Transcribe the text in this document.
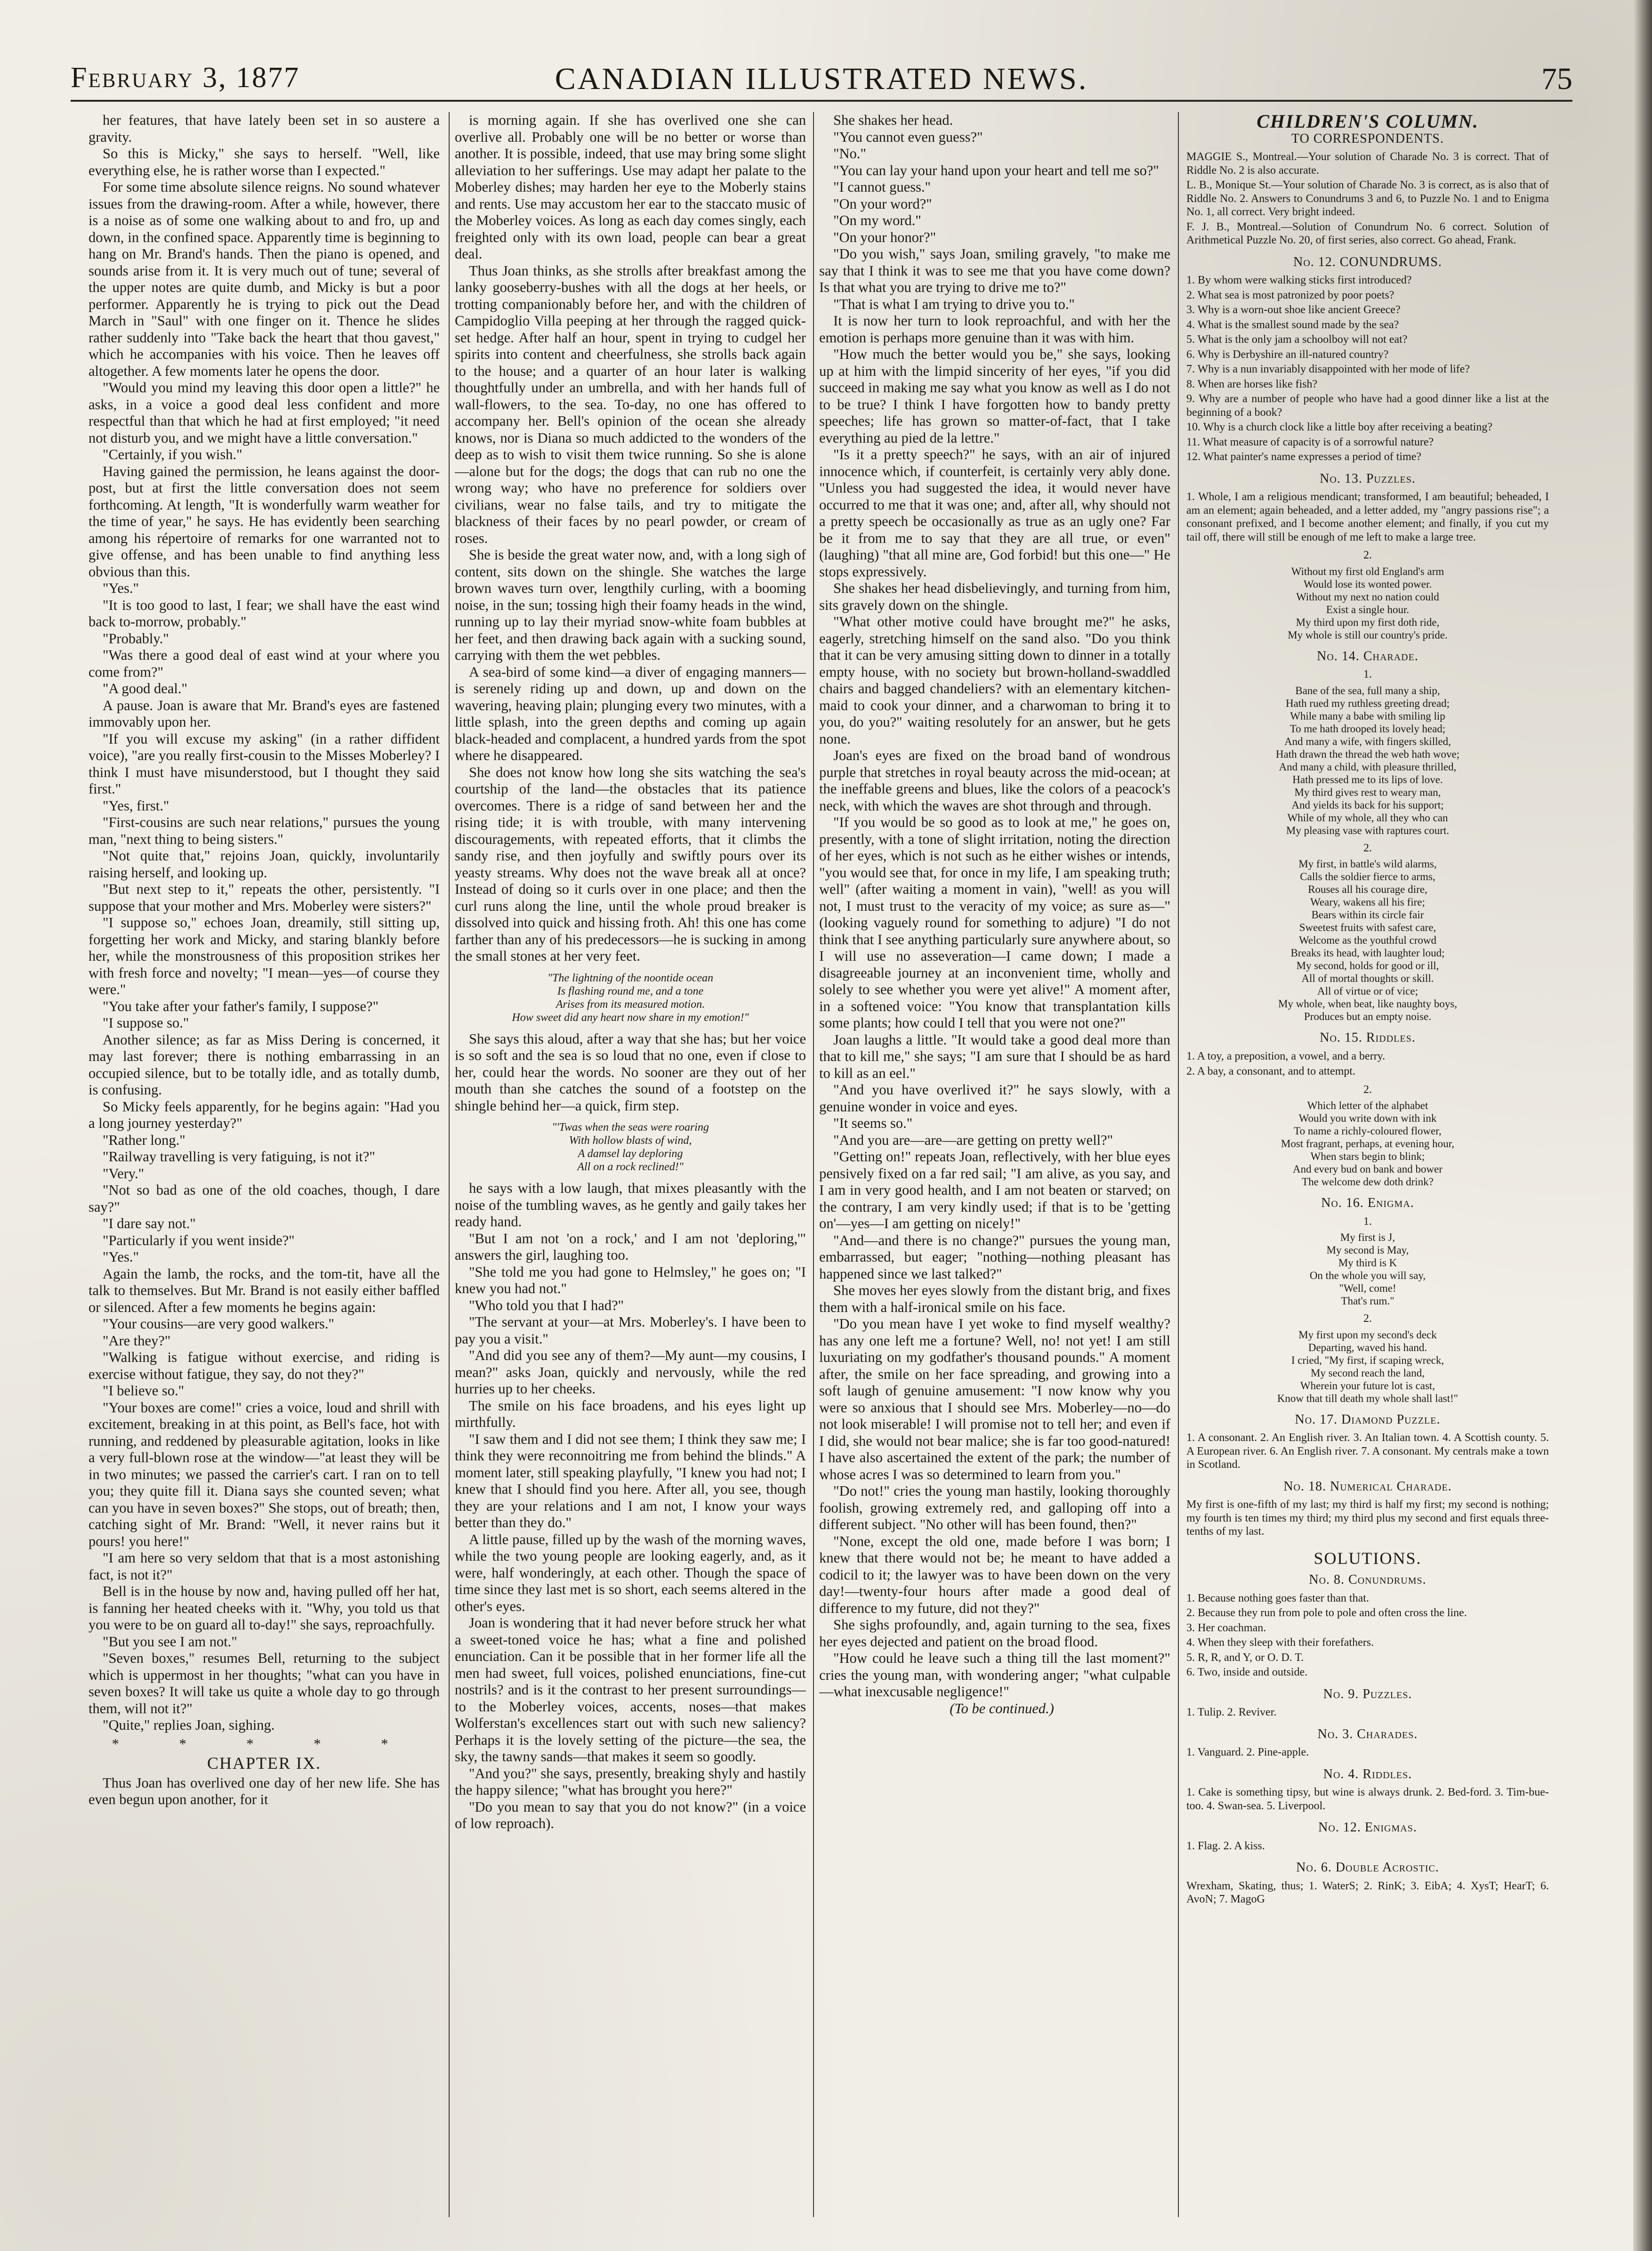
February 3, 1877	CANADIAN ILLUSTRATED NEWS.	75

her features, that have lately been set in so austere a gravity.

So this is Micky," she says to herself. "Well, like everything else, he is rather worse than I expected."

For some time absolute silence reigns. No sound whatever issues from the drawing-room. After a while, however, there is a noise as of some one walking about to and fro, up and down, in the confined space. Apparently time is beginning to hang on Mr. Brand's hands. Then the piano is opened, and sounds arise from it. It is very much out of tune; several of the upper notes are quite dumb, and Micky is but a poor performer. Apparently he is trying to pick out the Dead March in "Saul" with one finger on it. Thence he slides rather suddenly into "Take back the heart that thou gavest," which he accompanies with his voice. Then he leaves off altogether. A few moments later he opens the door.

"Would you mind my leaving this door open a little?" he asks, in a voice a good deal less confident and more respectful than that which he had at first employed; "it need not disturb you, and we might have a little conversation."

"Certainly, if you wish."

Having gained the permission, he leans against the door-post, but at first the little conversation does not seem forthcoming. At length, "It is wonderfully warm weather for the time of year," he says. He has evidently been searching among his répertoire of remarks for one warranted not to give offense, and has been unable to find anything less obvious than this.

"Yes."

"It is too good to last, I fear; we shall have the east wind back to-morrow, probably."

"Probably."

"Was there a good deal of east wind at your where you come from?"

"A good deal."

A pause. Joan is aware that Mr. Brand's eyes are fastened immovably upon her.

"If you will excuse my asking" (in a rather diffident voice), "are you really first-cousin to the Misses Moberley? I think I must have misunderstood, but I thought they said first."

"Yes, first."

"First-cousins are such near relations," pursues the young man, "next thing to being sisters."

"Not quite that," rejoins Joan, quickly, involuntarily raising herself, and looking up.

"But next step to it," repeats the other, persistently. "I suppose that your mother and Mrs. Moberley were sisters?"

"I suppose so," echoes Joan, dreamily, still sitting up, forgetting her work and Micky, and staring blankly before her, while the monstrousness of this proposition strikes her with fresh force and novelty; "I mean—yes—of course they were."

"You take after your father's family, I suppose?"

"I suppose so."

Another silence; as far as Miss Dering is concerned, it may last forever; there is nothing embarrassing in an occupied silence, but to be totally idle, and as totally dumb, is confusing.

So Micky feels apparently, for he begins again: "Had you a long journey yesterday?"

"Rather long."

"Railway travelling is very fatiguing, is not it?"

"Very."

"Not so bad as one of the old coaches, though, I dare say?"

"I dare say not."

"Particularly if you went inside?"

"Yes."

Again the lamb, the rocks, and the tom-tit, have all the talk to themselves. But Mr. Brand is not easily either baffled or silenced. After a few moments he begins again:

"Your cousins—are very good walkers."

"Are they?"

"Walking is fatigue without exercise, and riding is exercise without fatigue, they say, do not they?"

"I believe so."

"Your boxes are come!" cries a voice, loud and shrill with excitement, breaking in at this point, as Bell's face, hot with running, and reddened by pleasurable agitation, looks in like a very full-blown rose at the window—"at least they will be in two minutes; we passed the carrier's cart. I ran on to tell you; they quite fill it. Diana says she counted seven; what can you have in seven boxes?" She stops, out of breath; then, catching sight of Mr. Brand: "Well, it never rains but it pours! you here!"

"I am here so very seldom that that is a most astonishing fact, is not it?"

Bell is in the house by now and, having pulled off her hat, is fanning her heated cheeks with it. "Why, you told us that you were to be on guard all to-day!" she says, reproachfully.

"But you see I am not."

"Seven boxes," resumes Bell, returning to the subject which is uppermost in her thoughts; "what can you have in seven boxes? It will take us quite a whole day to go through them, will not it?"

"Quite," replies Joan, sighing.

* * * * *
CHAPTER IX.

Thus Joan has overlived one day of her new life. She has even begun upon another, for it

is morning again. If she has overlived one she can overlive all. Probably one will be no better or worse than another. It is possible, indeed, that use may bring some slight alleviation to her sufferings. Use may adapt her palate to the Moberley dishes; may harden her eye to the Moberly stains and rents. Use may accustom her ear to the staccato music of the Moberley voices. As long as each day comes singly, each freighted only with its own load, people can bear a great deal.

Thus Joan thinks, as she strolls after breakfast among the lanky gooseberry-bushes with all the dogs at her heels, or trotting companionably before her, and with the children of Campidoglio Villa peeping at her through the ragged quick-set hedge. After half an hour, spent in trying to cudgel her spirits into content and cheerfulness, she strolls back again to the house; and a quarter of an hour later is walking thoughtfully under an umbrella, and with her hands full of wall-flowers, to the sea. To-day, no one has offered to accompany her. Bell's opinion of the ocean she already knows, nor is Diana so much addicted to the wonders of the deep as to wish to visit them twice running. So she is alone—alone but for the dogs; the dogs that can rub no one the wrong way; who have no preference for soldiers over civilians, wear no false tails, and try to mitigate the blackness of their faces by no pearl powder, or cream of roses.

She is beside the great water now, and, with a long sigh of content, sits down on the shingle. She watches the large brown waves turn over, lengthily curling, with a booming noise, in the sun; tossing high their foamy heads in the wind, running up to lay their myriad snow-white foam bubbles at her feet, and then drawing back again with a sucking sound, carrying with them the wet pebbles.

A sea-bird of some kind—a diver of engaging manners—is serenely riding up and down, up and down on the wavering, heaving plain; plunging every two minutes, with a little splash, into the green depths and coming up again black-headed and complacent, a hundred yards from the spot where he disappeared.

She does not know how long she sits watching the sea's courtship of the land—the obstacles that its patience overcomes. There is a ridge of sand between her and the rising tide; it is with trouble, with many intervening discouragements, with repeated efforts, that it climbs the sandy rise, and then joyfully and swiftly pours over its yeasty streams. Why does not the wave break all at once? Instead of doing so it curls over in one place; and then the curl runs along the line, until the whole proud breaker is dissolved into quick and hissing froth. Ah! this one has come farther than any of his predecessors—he is sucking in among the small stones at her very feet.

"The lightning of the noontide ocean
Is flashing round me, and a tone
Arises from its measured motion.
How sweet did any heart now share in my emotion!"

She says this aloud, after a way that she has; but her voice is so soft and the sea is so loud that no one, even if close to her, could hear the words. No sooner are they out of her mouth than she catches the sound of a footstep on the shingle behind her—a quick, firm step.

"'Twas when the seas were roaring
With hollow blasts of wind,
A damsel lay deploring
All on a rock reclined!"

he says with a low laugh, that mixes pleasantly with the noise of the tumbling waves, as he gently and gaily takes her ready hand.

"But I am not 'on a rock,' and I am not 'deploring,'" answers the girl, laughing too.

"She told me you had gone to Helmsley," he goes on; "I knew you had not."

"Who told you that I had?"

"The servant at your—at Mrs. Moberley's. I have been to pay you a visit."

"And did you see any of them?—My aunt—my cousins, I mean?" asks Joan, quickly and nervously, while the red hurries up to her cheeks.

The smile on his face broadens, and his eyes light up mirthfully.

"I saw them and I did not see them; I think they saw me; I think they were reconnoitring me from behind the blinds." A moment later, still speaking playfully, "I knew you had not; I knew that I should find you here. After all, you see, though they are your relations and I am not, I know your ways better than they do."

A little pause, filled up by the wash of the morning waves, while the two young people are looking eagerly, and, as it were, half wonderingly, at each other. Though the space of time since they last met is so short, each seems altered in the other's eyes.

Joan is wondering that it had never before struck her what a sweet-toned voice he has; what a fine and polished enunciation. Can it be possible that in her former life all the men had sweet, full voices, polished enunciations, fine-cut nostrils? and is it the contrast to her present surroundings—to the Moberley voices, accents, noses—that makes Wolferstan's excellences start out with such new saliency? Perhaps it is the lovely setting of the picture—the sea, the sky, the tawny sands—that makes it seem so goodly.

"And you?" she says, presently, breaking shyly and hastily the happy silence; "what has brought you here?"

"Do you mean to say that you do not know?" (in a voice of low reproach).

She shakes her head.

"You cannot even guess?"

"No."

"You can lay your hand upon your heart and tell me so?"

"I cannot guess."

"On your word?"

"On my word."

"On your honor?"

"Do you wish," says Joan, smiling gravely, "to make me say that I think it was to see me that you have come down? Is that what you are trying to drive me to?"

"That is what I am trying to drive you to."

It is now her turn to look reproachful, and with her the emotion is perhaps more genuine than it was with him.

"How much the better would you be," she says, looking up at him with the limpid sincerity of her eyes, "if you did succeed in making me say what you know as well as I do not to be true? I think I have forgotten how to bandy pretty speeches; life has grown so matter-of-fact, that I take everything au pied de la lettre."

"Is it a pretty speech?" he says, with an air of injured innocence which, if counterfeit, is certainly very ably done. "Unless you had suggested the idea, it would never have occurred to me that it was one; and, after all, why should not a pretty speech be occasionally as true as an ugly one? Far be it from me to say that they are all true, or even" (laughing) "that all mine are, God forbid! but this one—" He stops expressively.

She shakes her head disbelievingly, and turning from him, sits gravely down on the shingle.

"What other motive could have brought me?" he asks, eagerly, stretching himself on the sand also. "Do you think that it can be very amusing sitting down to dinner in a totally empty house, with no society but brown-holland-swaddled chairs and bagged chandeliers? with an elementary kitchen-maid to cook your dinner, and a charwoman to bring it to you, do you?" waiting resolutely for an answer, but he gets none.

Joan's eyes are fixed on the broad band of wondrous purple that stretches in royal beauty across the mid-ocean; at the ineffable greens and blues, like the colors of a peacock's neck, with which the waves are shot through and through.

"If you would be so good as to look at me," he goes on, presently, with a tone of slight irritation, noting the direction of her eyes, which is not such as he either wishes or intends, "you would see that, for once in my life, I am speaking truth; well" (after waiting a moment in vain), "well! as you will not, I must trust to the veracity of my voice; as sure as—" (looking vaguely round for something to adjure) "I do not think that I see anything particularly sure anywhere about, so I will use no asseveration—I came down; I made a disagreeable journey at an inconvenient time, wholly and solely to see whether you were yet alive!" A moment after, in a softened voice: "You know that transplantation kills some plants; how could I tell that you were not one?"

Joan laughs a little. "It would take a good deal more than that to kill me," she says; "I am sure that I should be as hard to kill as an eel."

"And you have overlived it?" he says slowly, with a genuine wonder in voice and eyes.

"It seems so."

"And you are—are—are getting on pretty well?"

"Getting on!" repeats Joan, reflectively, with her blue eyes pensively fixed on a far red sail; "I am alive, as you say, and I am in very good health, and I am not beaten or starved; on the contrary, I am very kindly used; if that is to be 'getting on'—yes—I am getting on nicely!"

"And—and there is no change?" pursues the young man, embarrassed, but eager; "nothing—nothing pleasant has happened since we last talked?"

She moves her eyes slowly from the distant brig, and fixes them with a half-ironical smile on his face.

"Do you mean have I yet woke to find myself wealthy? has any one left me a fortune? Well, no! not yet! I am still luxuriating on my godfather's thousand pounds." A moment after, the smile on her face spreading, and growing into a soft laugh of genuine amusement: "I now know why you were so anxious that I should see Mrs. Moberley—no—do not look miserable! I will promise not to tell her; and even if I did, she would not bear malice; she is far too good-natured! I have also ascertained the extent of the park; the number of whose acres I was so determined to learn from you."

"Do not!" cries the young man hastily, looking thoroughly foolish, growing extremely red, and galloping off into a different subject. "No other will has been found, then?"

"None, except the old one, made before I was born; I knew that there would not be; he meant to have added a codicil to it; the lawyer was to have been down on the very day!—twenty-four hours after made a good deal of difference to my future, did not they?"

She sighs profoundly, and, again turning to the sea, fixes her eyes dejected and patient on the broad flood.

"How could he leave such a thing till the last moment?" cries the young man, with wondering anger; "what culpable—what inexcusable negligence!"

(To be continued.)

CHILDREN'S COLUMN.
TO CORRESPONDENTS.

MAGGIE S., Montreal.—Your solution of Charade No. 3 is correct. That of Riddle No. 2 is also accurate.

L. B., Monique St.—Your solution of Charade No. 3 is correct, as is also that of Riddle No. 2. Answers to Conundrums 3 and 6, to Puzzle No. 1 and to Enigma No. 1, all correct. Very bright indeed.

F. J. B., Montreal.—Solution of Conundrum No. 6 correct. Solution of Arithmetical Puzzle No. 20, of first series, also correct. Go ahead, Frank.

No. 12. CONUNDRUMS.

1. By whom were walking sticks first introduced?

2. What sea is most patronized by poor poets?

3. Why is a worn-out shoe like ancient Greece?

4. What is the smallest sound made by the sea?

5. What is the only jam a schoolboy will not eat?

6. Why is Derbyshire an ill-natured country?

7. Why is a nun invariably disappointed with her mode of life?

8. When are horses like fish?

9. Why are a number of people who have had a good dinner like a list at the beginning of a book?

10. Why is a church clock like a little boy after receiving a beating?

11. What measure of capacity is of a sorrowful nature?

12. What painter's name expresses a period of time?

No. 13. Puzzles.

1. Whole, I am a religious mendicant; transformed, I am beautiful; beheaded, I am an element; again beheaded, and a letter added, my "angry passions rise"; a consonant prefixed, and I become another element; and finally, if you cut my tail off, there will still be enough of me left to make a large tree.

2.
Without my first old England's arm
Would lose its wonted power.
Without my next no nation could
Exist a single hour.
My third upon my first doth ride,
My whole is still our country's pride.
No. 14. Charade.
1.
Bane of the sea, full many a ship,
Hath rued my ruthless greeting dread;
While many a babe with smiling lip
To me hath drooped its lovely head;
And many a wife, with fingers skilled,
Hath drawn the thread the web hath wove;
And many a child, with pleasure thrilled,
Hath pressed me to its lips of love.
My third gives rest to weary man,
And yields its back for his support;
While of my whole, all they who can
My pleasing vase with raptures court.
2.
My first, in battle's wild alarms,
Calls the soldier fierce to arms,
Rouses all his courage dire,
Weary, wakens all his fire;
Bears within its circle fair
Sweetest fruits with safest care,
Welcome as the youthful crowd
Breaks its head, with laughter loud;
My second, holds for good or ill,
All of mortal thoughts or skill.
All of virtue or of vice;
My whole, when beat, like naughty boys,
Produces but an empty noise.
No. 15. Riddles.

1. A toy, a preposition, a vowel, and a berry.

2. A bay, a consonant, and to attempt.

2.
Which letter of the alphabet
Would you write down with ink
To name a richly-coloured flower,
Most fragrant, perhaps, at evening hour,
When stars begin to blink;
And every bud on bank and bower
The welcome dew doth drink?
No. 16. Enigma.
1.
My first is J,
My second is May,
My third is K
On the whole you will say,
"Well, come!
That's rum."
2.
My first upon my second's deck
Departing, waved his hand.
I cried, "My first, if scaping wreck,
My second reach the land,
Wherein your future lot is cast,
Know that till death my whole shall last!"
No. 17. Diamond Puzzle.

1. A consonant. 2. An English river. 3. An Italian town. 4. A Scottish county. 5. A European river. 6. An English river. 7. A consonant. My centrals make a town in Scotland.

No. 18. Numerical Charade.

My first is one-fifth of my last; my third is half my first; my second is nothing; my fourth is ten times my third; my third plus my second and first equals three-tenths of my last.

SOLUTIONS.
No. 8. Conundrums.

1. Because nothing goes faster than that.

2. Because they run from pole to pole and often cross the line.

3. Her coachman.

4. When they sleep with their forefathers.

5. R, R, and Y, or O. D. T.

6. Two, inside and outside.

No. 9. Puzzles.

1. Tulip. 2. Reviver.

No. 3. Charades.

1. Vanguard. 2. Pine-apple.

No. 4. Riddles.

1. Cake is something tipsy, but wine is always drunk. 2. Bed-ford. 3. Tim-bue-too. 4. Swan-sea. 5. Liverpool.

No. 12. Enigmas.

1. Flag. 2. A kiss.

No. 6. Double Acrostic.

Wrexham, Skating, thus; 1. WaterS; 2. RinK; 3. EibA; 4. XysT; HearT; 6. AvoN; 7. MagoG
